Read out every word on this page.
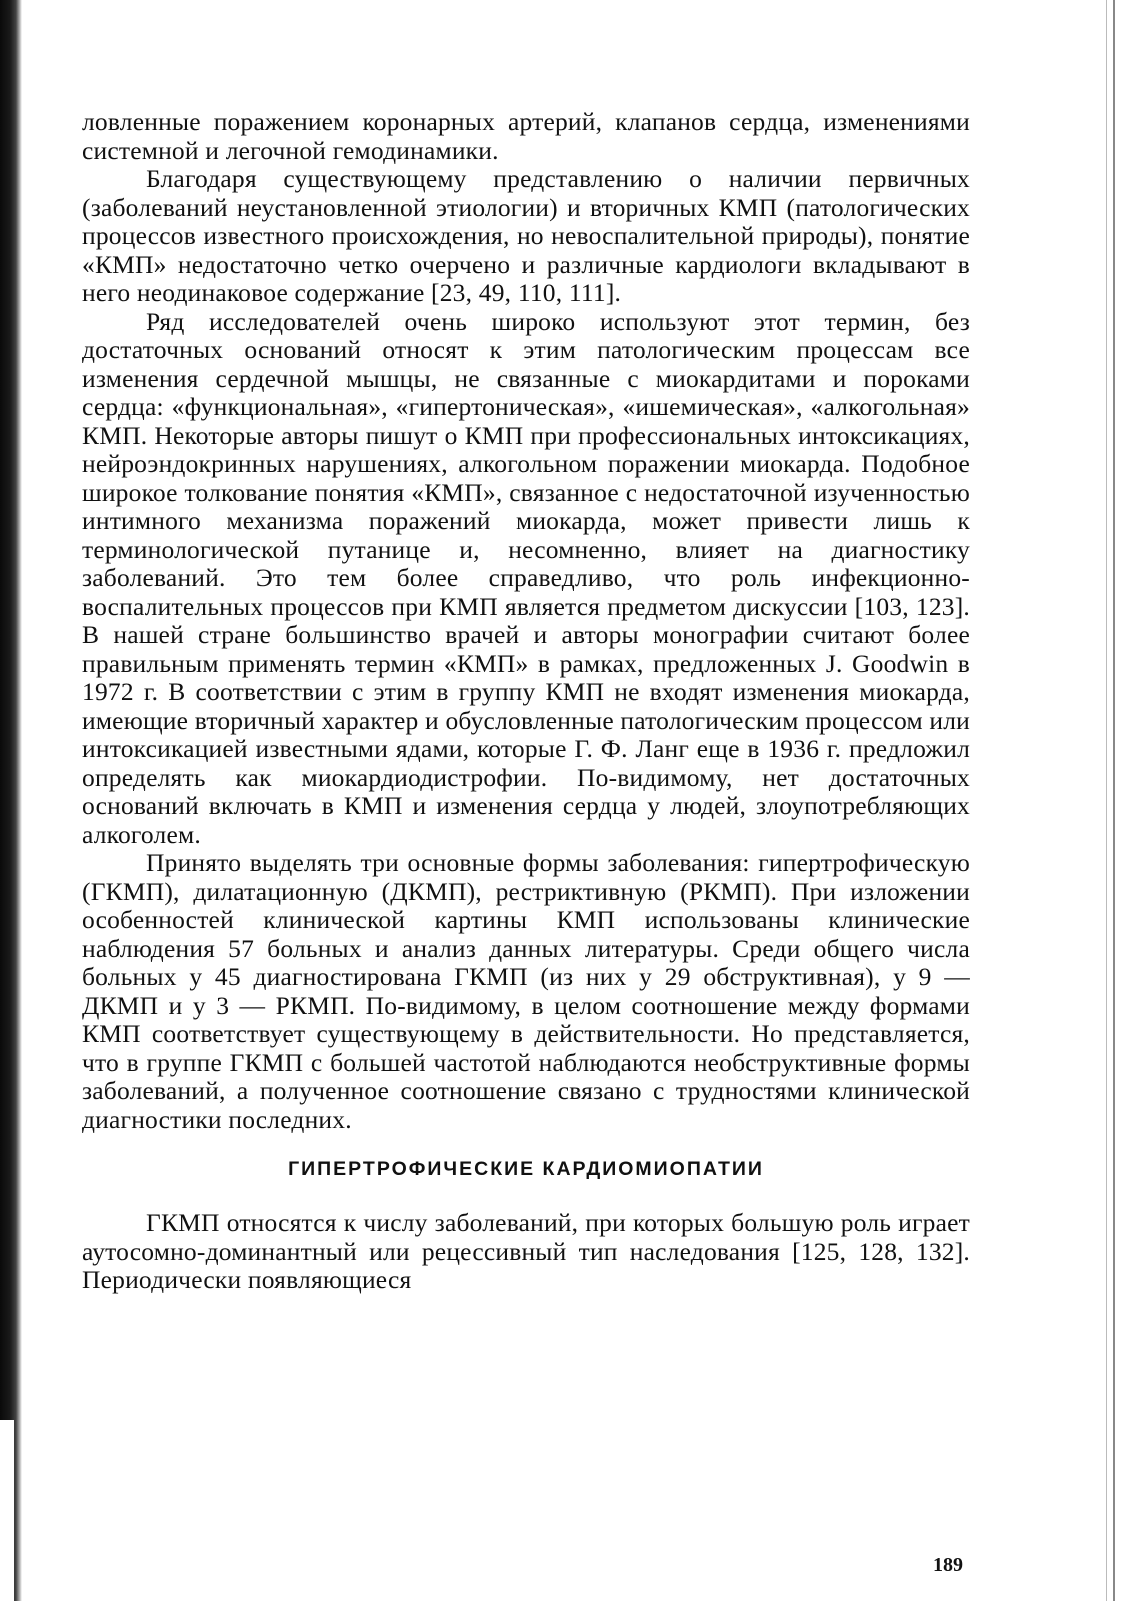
ловленные поражением коронарных артерий, клапанов сердца, изменениями системной и легочной гемодинамики.

Благодаря существующему представлению о наличии первичных (заболеваний неустановленной этиологии) и вторичных КМП (патологических процессов известного происхождения, но невоспалительной природы), понятие «КМП» недостаточно четко очерчено и различные кардиологи вкладывают в него неодинаковое содержание [23, 49, 110, 111].

Ряд исследователей очень широко используют этот термин, без достаточных оснований относят к этим патологическим процессам все изменения сердечной мышцы, не связанные с миокардитами и пороками сердца: «функциональная», «гипертоническая», «ишемическая», «алкогольная» КМП. Некоторые авторы пишут о КМП при профессиональных интоксикациях, нейроэндокринных нарушениях, алкогольном поражении миокарда. Подобное широкое толкование понятия «КМП», связанное с недостаточной изученностью интимного механизма поражений миокарда, может привести лишь к терминологической путанице и, несомненно, влияет на диагностику заболеваний. Это тем более справедливо, что роль инфекционно-воспалительных процессов при КМП является предметом дискуссии [103, 123]. В нашей стране большинство врачей и авторы монографии считают более правильным применять термин «КМП» в рамках, предложенных J. Goodwin в 1972 г. В соответствии с этим в группу КМП не входят изменения миокарда, имеющие вторичный характер и обусловленные патологическим процессом или интоксикацией известными ядами, которые Г. Ф. Ланг еще в 1936 г. предложил определять как миокардиодистрофии. По-видимому, нет достаточных оснований включать в КМП и изменения сердца у людей, злоупотребляющих алкоголем.

Принято выделять три основные формы заболевания: гипертрофическую (ГКМП), дилатационную (ДКМП), рестриктивную (РКМП). При изложении особенностей клинической картины КМП использованы клинические наблюдения 57 больных и анализ данных литературы. Среди общего числа больных у 45 диагностирована ГКМП (из них у 29 обструктивная), у 9 — ДКМП и у 3 — РКМП. По-видимому, в целом соотношение между формами КМП соответствует существующему в действительности. Но представляется, что в группе ГКМП с большей частотой наблюдаются необструктивные формы заболеваний, а полученное соотношение связано с трудностями клинической диагностики последних.

ГИПЕРТРОФИЧЕСКИЕ КАРДИОМИОПАТИИ

ГКМП относятся к числу заболеваний, при которых большую роль играет аутосомно-доминантный или рецессивный тип наследования [125, 128, 132]. Периодически появляющиеся

189
